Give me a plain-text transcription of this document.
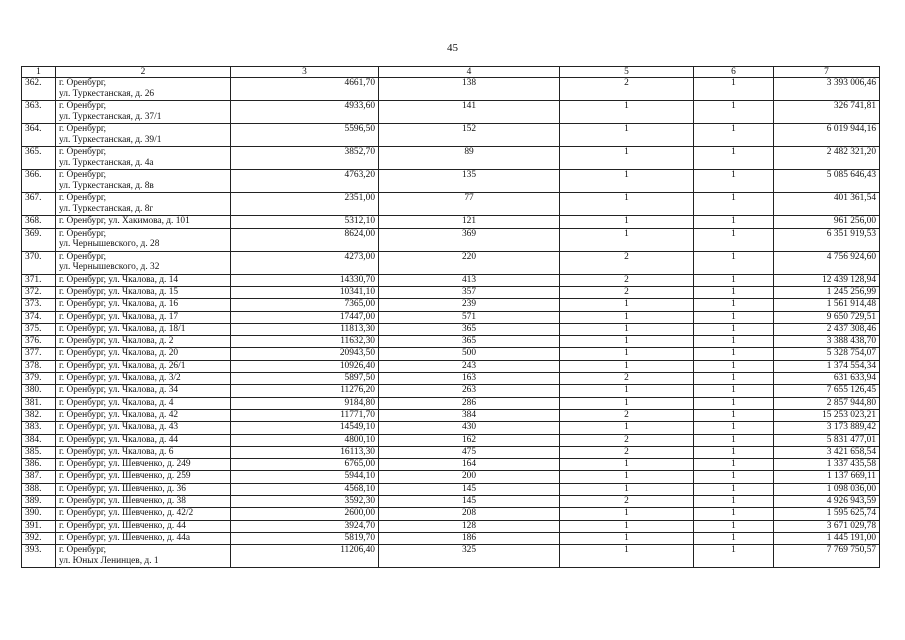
45
1	2	3	4	5	6	7
362.	г. Оренбург,
ул. Туркестанская, д. 26	4661,70	138	2	1	3 393 006,46
363.	г. Оренбург,
ул. Туркестанская, д. 37/1	4933,60	141	1	1	326 741,81
364.	г. Оренбург,
ул. Туркестанская, д. 39/1	5596,50	152	1	1	6 019 944,16
365.	г. Оренбург,
ул. Туркестанская, д. 4а	3852,70	89	1	1	2 482 321,20
366.	г. Оренбург,
ул. Туркестанская, д. 8в	4763,20	135	1	1	5 085 646,43
367.	г. Оренбург,
ул. Туркестанская, д. 8г	2351,00	77	1	1	401 361,54
368.	г. Оренбург, ул. Хакимова, д. 101	5312,10	121	1	1	961 256,00
369.	г. Оренбург,
ул. Чернышевского, д. 28	8624,00	369	1	1	6 351 919,53
370.	г. Оренбург,
ул. Чернышевского, д. 32	4273,00	220	2	1	4 756 924,60
371.	г. Оренбург, ул. Чкалова, д. 14	14330,70	413	2	1	12 439 128,94
372.	г. Оренбург, ул. Чкалова, д. 15	10341,10	357	2	1	1 245 256,99
373.	г. Оренбург, ул. Чкалова, д. 16	7365,00	239	1	1	1 561 914,48
374.	г. Оренбург, ул. Чкалова, д. 17	17447,00	571	1	1	9 650 729,51
375.	г. Оренбург, ул. Чкалова, д. 18/1	11813,30	365	1	1	2 437 308,46
376.	г. Оренбург, ул. Чкалова, д. 2	11632,30	365	1	1	3 388 438,70
377.	г. Оренбург, ул. Чкалова, д. 20	20943,50	500	1	1	5 328 754,07
378.	г. Оренбург, ул. Чкалова, д. 26/1	10926,40	243	1	1	1 374 554,34
379.	г. Оренбург, ул. Чкалова, д. 3/2	5897,50	163	2	1	631 633,94
380.	г. Оренбург, ул. Чкалова, д. 34	11276,20	263	1	1	7 655 126,45
381.	г. Оренбург, ул. Чкалова, д. 4	9184,80	286	1	1	2 857 944,80
382.	г. Оренбург, ул. Чкалова, д. 42	11771,70	384	2	1	15 253 023,21
383.	г. Оренбург, ул. Чкалова, д. 43	14549,10	430	1	1	3 173 889,42
384.	г. Оренбург, ул. Чкалова, д. 44	4800,10	162	2	1	5 831 477,01
385.	г. Оренбург, ул. Чкалова, д. 6	16113,30	475	2	1	3 421 658,54
386.	г. Оренбург, ул. Шевченко, д. 249	6765,00	164	1	1	1 337 435,58
387.	г. Оренбург, ул. Шевченко, д. 259	5944,10	200	1	1	1 137 669,11
388.	г. Оренбург, ул. Шевченко, д. 36	4568,10	145	1	1	1 098 036,00
389.	г. Оренбург, ул. Шевченко, д. 38	3592,30	145	2	1	4 926 943,59
390.	г. Оренбург, ул. Шевченко, д. 42/2	2600,00	208	1	1	1 595 625,74
391.	г. Оренбург, ул. Шевченко, д. 44	3924,70	128	1	1	3 671 029,78
392.	г. Оренбург, ул. Шевченко, д. 44а	5819,70	186	1	1	1 445 191,00
393.	г. Оренбург,
ул. Юных Ленинцев, д. 1	11206,40	325	1	1	7 769 750,57
